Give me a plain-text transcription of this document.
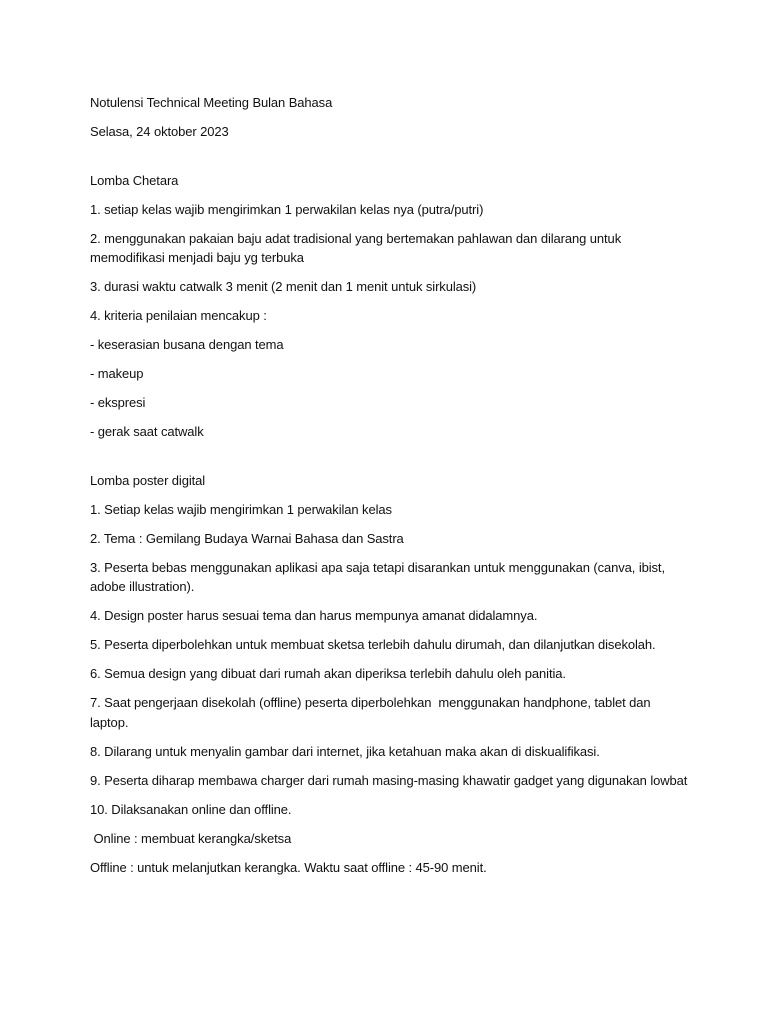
Notulensi Technical Meeting Bulan Bahasa

Selasa, 24 oktober 2023

Lomba Chetara

1. setiap kelas wajib mengirimkan 1 perwakilan kelas nya (putra/putri)

2. menggunakan pakaian baju adat tradisional yang bertemakan pahlawan dan dilarang untuk memodifikasi menjadi baju yg terbuka

3. durasi waktu catwalk 3 menit (2 menit dan 1 menit untuk sirkulasi)

4. kriteria penilaian mencakup :

- keserasian busana dengan tema

- makeup

- ekspresi

- gerak saat catwalk

Lomba poster digital

1. Setiap kelas wajib mengirimkan 1 perwakilan kelas

2. Tema : Gemilang Budaya Warnai Bahasa dan Sastra

3. Peserta bebas menggunakan aplikasi apa saja tetapi disarankan untuk menggunakan (canva, ibist, adobe illustration).

4. Design poster harus sesuai tema dan harus mempunya amanat didalamnya.

5. Peserta diperbolehkan untuk membuat sketsa terlebih dahulu dirumah, dan dilanjutkan disekolah.

6. Semua design yang dibuat dari rumah akan diperiksa terlebih dahulu oleh panitia.

7. Saat pengerjaan disekolah (offline) peserta diperbolehkan  menggunakan handphone, tablet dan laptop.

8. Dilarang untuk menyalin gambar dari internet, jika ketahuan maka akan di diskualifikasi.

9. Peserta diharap membawa charger dari rumah masing-masing khawatir gadget yang digunakan lowbat

10. Dilaksanakan online dan offline.

Online : membuat kerangka/sketsa

Offline : untuk melanjutkan kerangka. Waktu saat offline : 45-90 menit.
